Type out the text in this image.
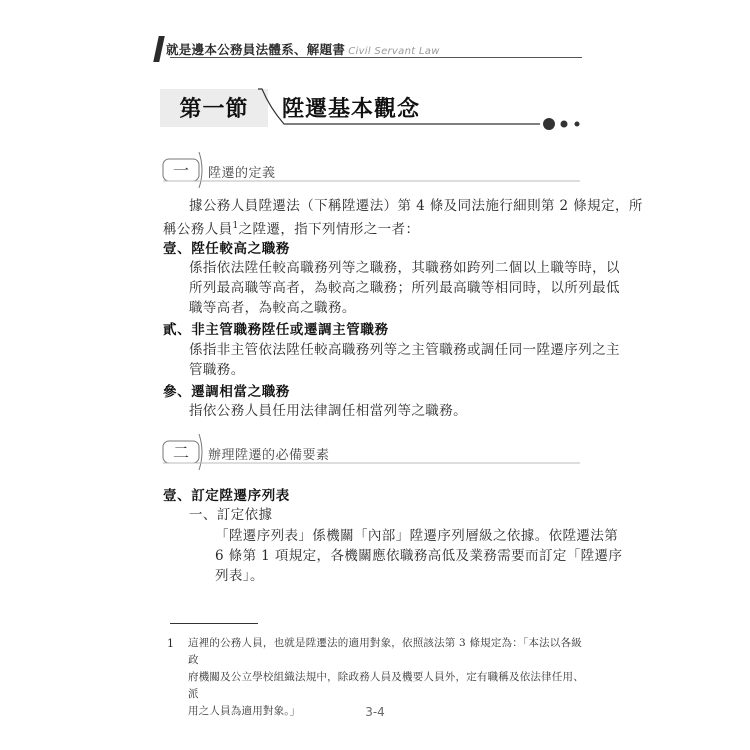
就是邊本公務員法體系、解題書 Civil Servant Law
第一節	陞遷基本觀念
一	陞遷的定義
據公務人員陞遷法（下稱陞遷法）第 4 條及同法施行細則第 2 條規定，所
稱公務人員$^1$之陞遷，指下列情形之一者：
壹、陞任較高之職務
係指依法陞任較高職務列等之職務，其職務如跨列二個以上職等時，以
所列最高職等高者，為較高之職務；所列最高職等相同時，以所列最低
職等高者，為較高之職務。
貳、非主管職務陞任或遷調主管職務
係指非主管依法陞任較高職務列等之主管職務或調任同一陞遷序列之主
管職務。
參、遷調相當之職務
指依公務人員任用法律調任相當列等之職務。
二	辦理陞遷的必備要素
壹、訂定陞遷序列表
一、訂定依據
「陞遷序列表」係機關「內部」陞遷序列層級之依據。依陞遷法第
6 條第 1 項規定，各機關應依職務高低及業務需要而訂定「陞遷序
列表」。
1 這裡的公務人員，也就是陞遷法的適用對象，依照該法第 3 條規定為：「本法以各級政
府機關及公立學校組織法規中，除政務人員及機要人員外，定有職稱及依法律任用、派
用之人員為適用對象。」	3-4
